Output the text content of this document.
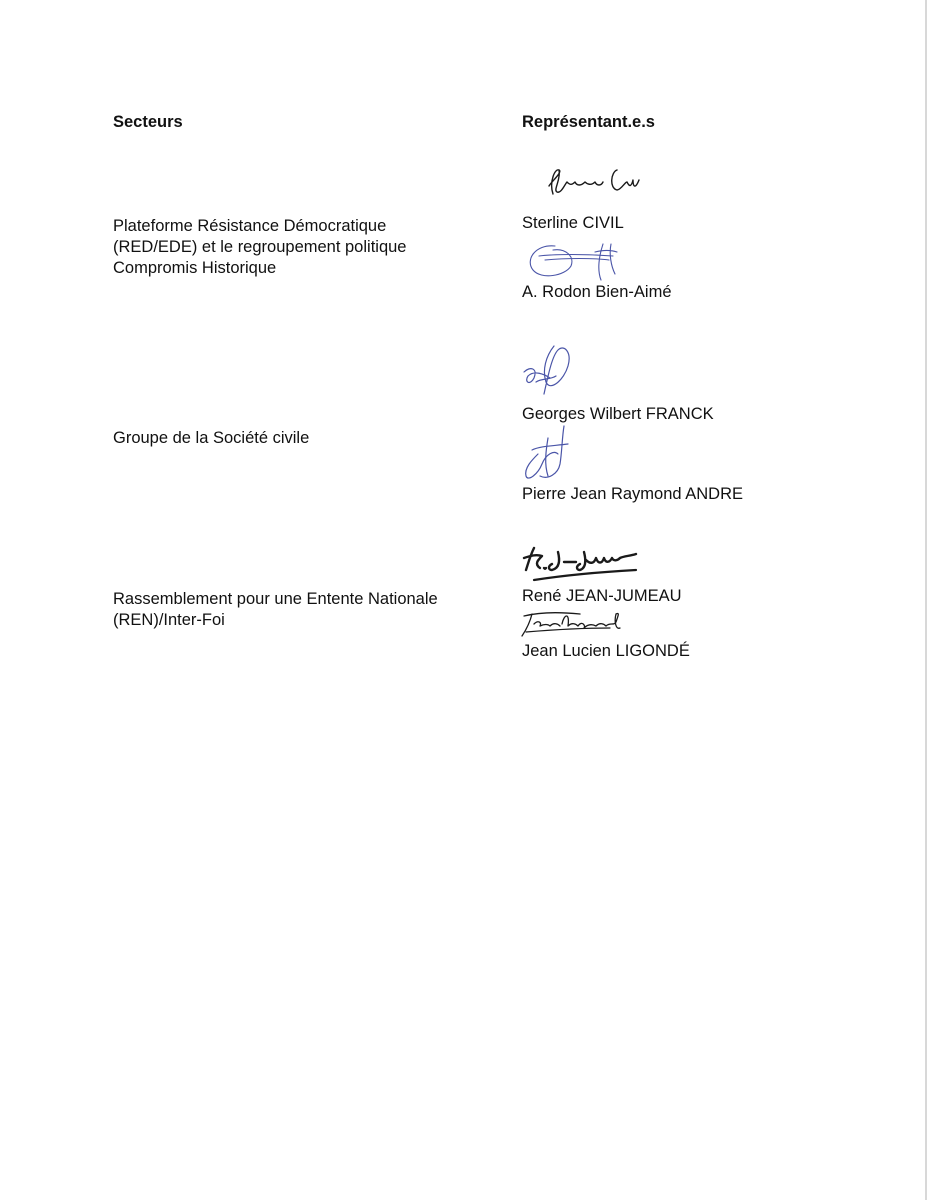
Secteurs	Représentant.e.s
Plateforme Résistance Démocratique
(RED/EDE) et le regroupement politique
Compromis Historique
Groupe de la Société civile
Rassemblement pour une Entente Nationale
(REN)/Inter-Foi
Sterline CIVIL
A. Rodon Bien-Aimé
Georges Wilbert FRANCK
Pierre Jean Raymond ANDRE
René JEAN-JUMEAU
Jean Lucien LIGONDÉ
